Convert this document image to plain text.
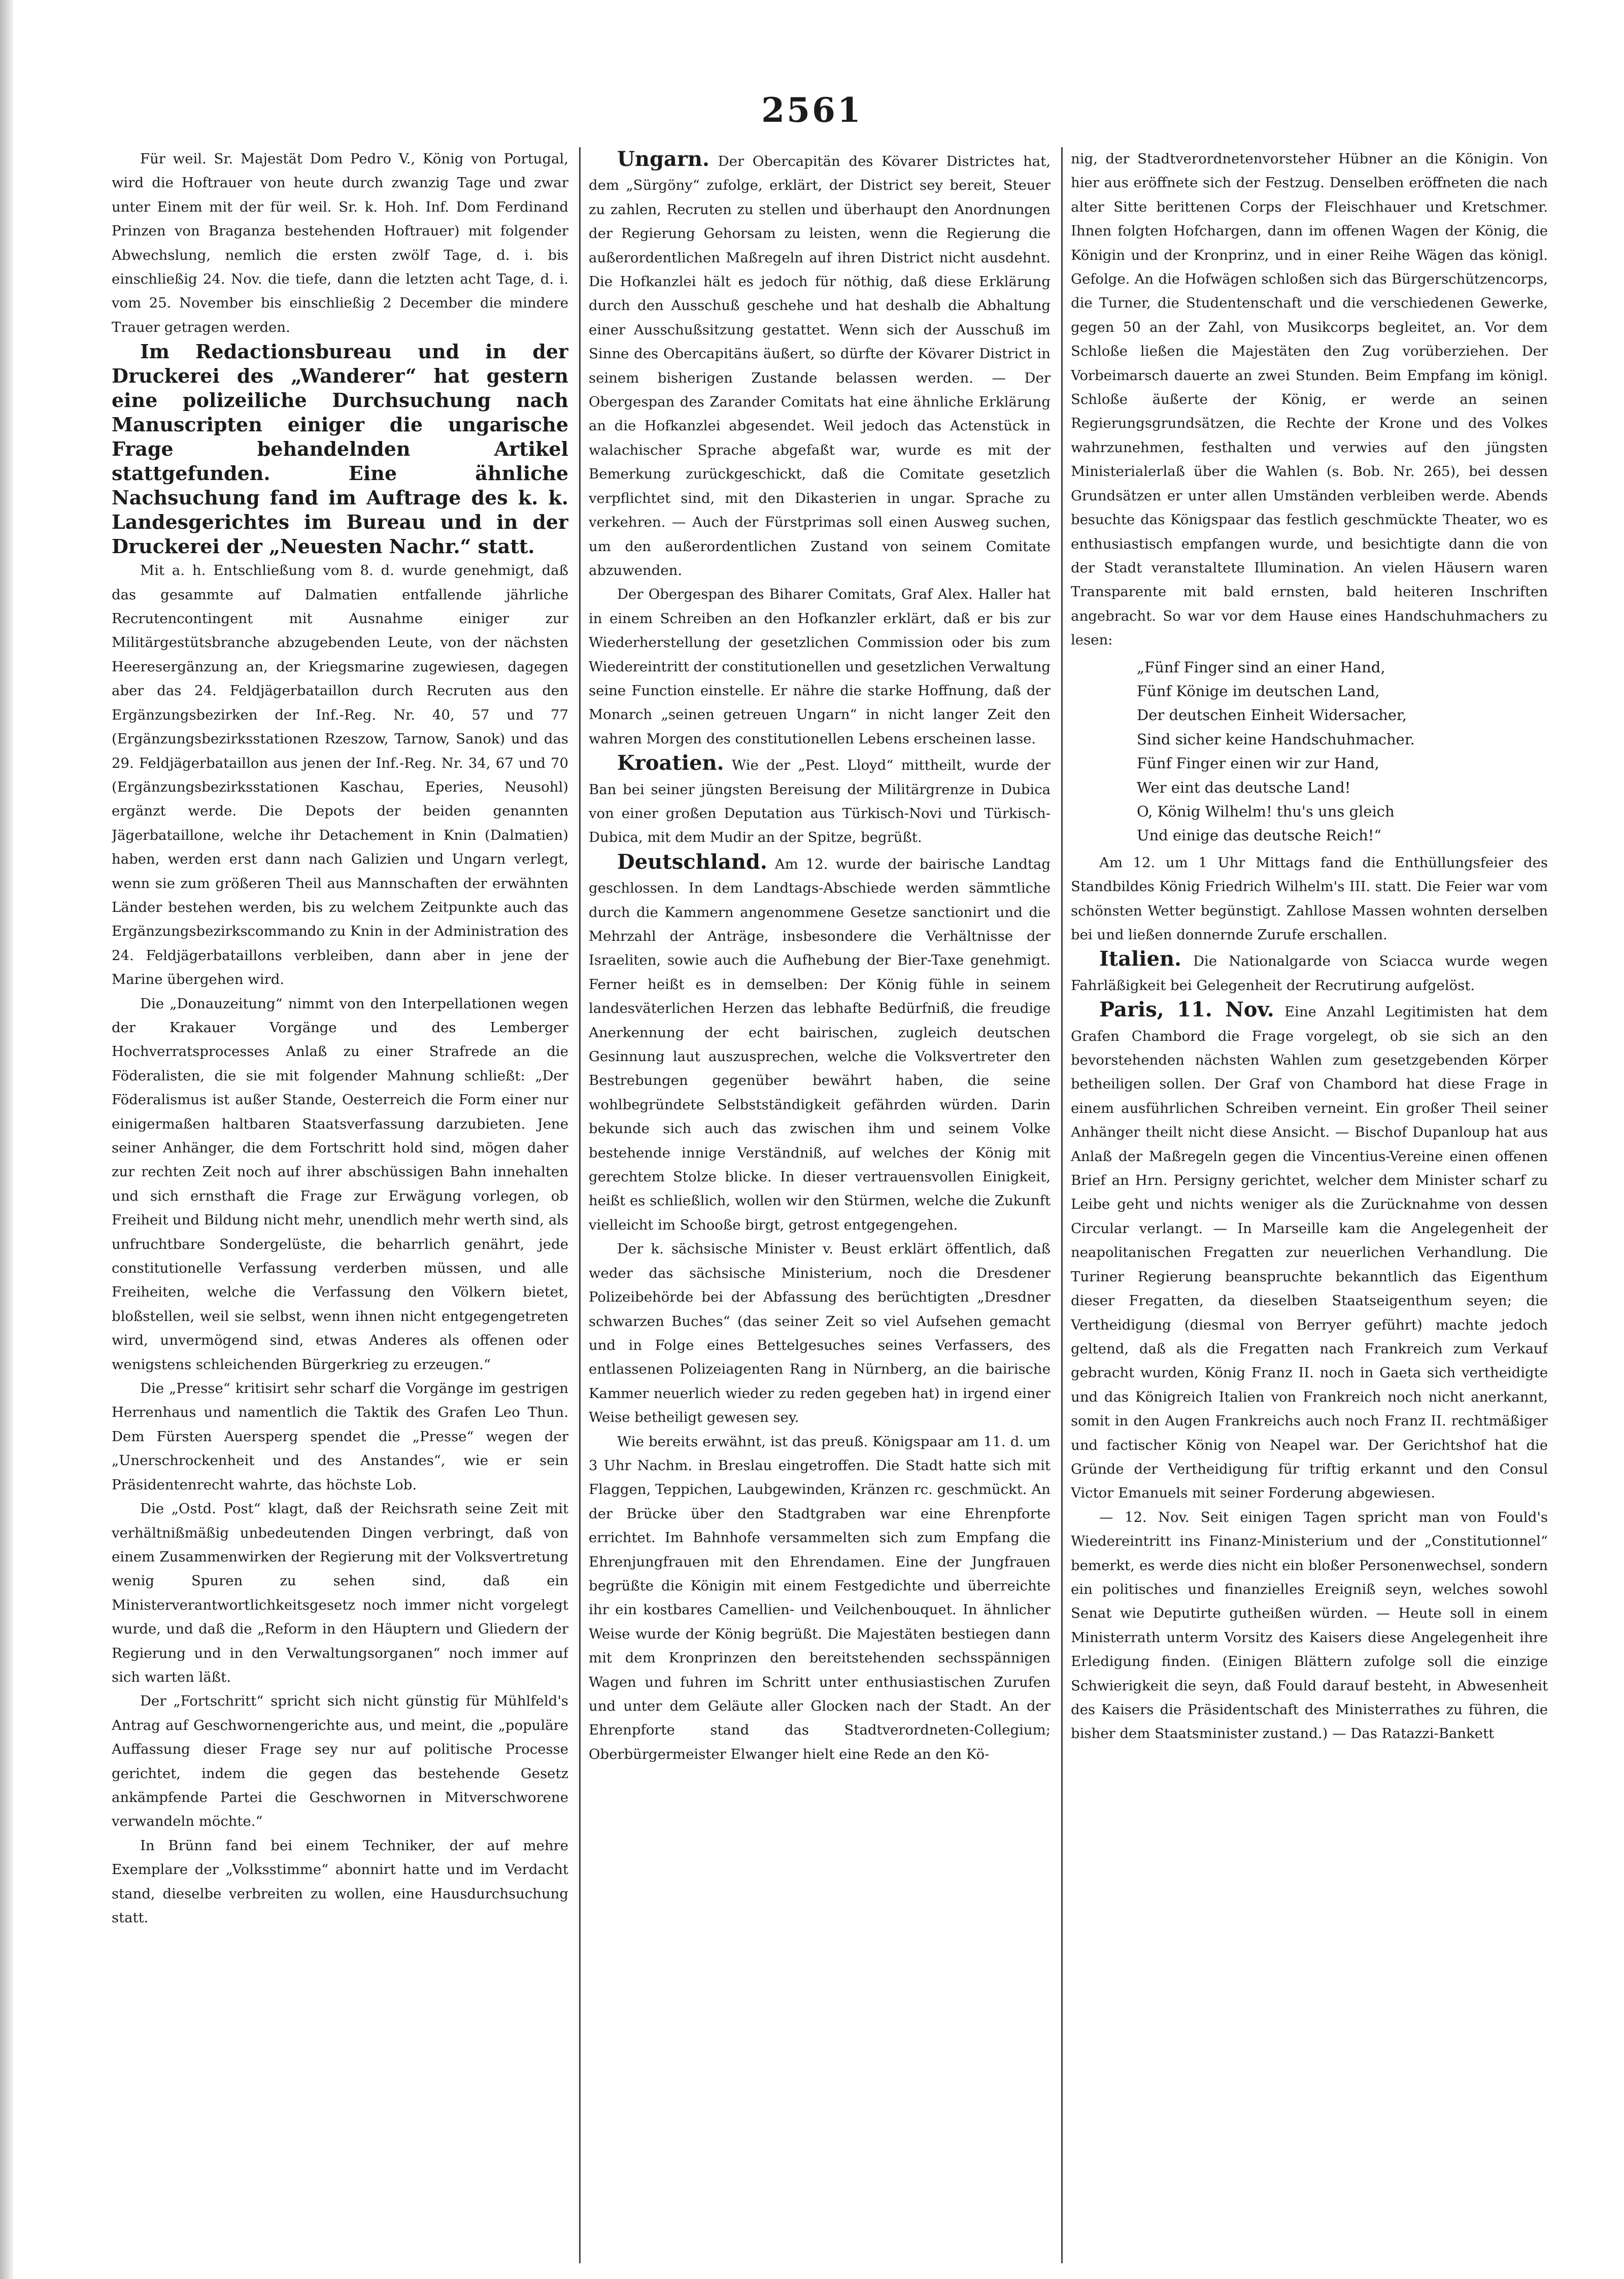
2561

Für weil. Sr. Majestät Dom Pedro V., König von Portugal, wird die Hoftrauer von heute durch zwanzig Tage und zwar unter Einem mit der für weil. Sr. k. Hoh. Inf. Dom Ferdinand Prinzen von Braganza bestehenden Hoftrauer) mit folgender Abwechslung, nemlich die ersten zwölf Tage, d. i. bis einschließig 24. Nov. die tiefe, dann die letzten acht Tage, d. i. vom 25. November bis einschließig 2 December die mindere Trauer getragen werden.

Im Redactionsbureau und in der Druckerei des „Wanderer“ hat gestern eine polizeiliche Durchsuchung nach Manuscripten einiger die ungarische Frage behandelnden Artikel stattgefunden. Eine ähnliche Nachsuchung fand im Auftrage des k. k. Landesgerichtes im Bureau und in der Druckerei der „Neuesten Nachr.“ statt.

Mit a. h. Entschließung vom 8. d. wurde genehmigt, daß das gesammte auf Dalmatien entfallende jährliche Recrutencontingent mit Ausnahme einiger zur Militärgestütsbranche abzugebenden Leute, von der nächsten Heeresergänzung an, der Kriegsmarine zugewiesen, dagegen aber das 24. Feldjägerbataillon durch Recruten aus den Ergänzungsbezirken der Inf.-Reg. Nr. 40, 57 und 77 (Ergänzungsbezirksstationen Rzeszow, Tarnow, Sanok) und das 29. Feldjägerbataillon aus jenen der Inf.-Reg. Nr. 34, 67 und 70 (Ergänzungsbezirksstationen Kaschau, Eperies, Neusohl) ergänzt werde. Die Depots der beiden genannten Jägerbataillone, welche ihr Detachement in Knin (Dalmatien) haben, werden erst dann nach Galizien und Ungarn verlegt, wenn sie zum größeren Theil aus Mannschaften der erwähnten Länder bestehen werden, bis zu welchem Zeitpunkte auch das Ergänzungsbezirkscommando zu Knin in der Administration des 24. Feldjägerbataillons verbleiben, dann aber in jene der Marine übergehen wird.

Die „Donauzeitung“ nimmt von den Interpellationen wegen der Krakauer Vorgänge und des Lemberger Hochverratsprocesses Anlaß zu einer Strafrede an die Föderalisten, die sie mit folgender Mahnung schließt: „Der Föderalismus ist außer Stande, Oesterreich die Form einer nur einigermaßen haltbaren Staatsverfassung darzubieten. Jene seiner Anhänger, die dem Fortschritt hold sind, mögen daher zur rechten Zeit noch auf ihrer abschüssigen Bahn innehalten und sich ernsthaft die Frage zur Erwägung vorlegen, ob Freiheit und Bildung nicht mehr, unendlich mehr werth sind, als unfruchtbare Sondergelüste, die beharrlich genährt, jede constitutionelle Verfassung verderben müssen, und alle Freiheiten, welche die Verfassung den Völkern bietet, bloßstellen, weil sie selbst, wenn ihnen nicht entgegengetreten wird, unvermögend sind, etwas Anderes als offenen oder wenigstens schleichenden Bürgerkrieg zu erzeugen.“

Die „Presse“ kritisirt sehr scharf die Vorgänge im gestrigen Herrenhaus und namentlich die Taktik des Grafen Leo Thun. Dem Fürsten Auersperg spendet die „Presse“ wegen der „Unerschrockenheit und des Anstandes“, wie er sein Präsidentenrecht wahrte, das höchste Lob.

Die „Ostd. Post“ klagt, daß der Reichsrath seine Zeit mit verhältnißmäßig unbedeutenden Dingen verbringt, daß von einem Zusammenwirken der Regierung mit der Volksvertretung wenig Spuren zu sehen sind, daß ein Ministerverantwortlichkeitsgesetz noch immer nicht vorgelegt wurde, und daß die „Reform in den Häuptern und Gliedern der Regierung und in den Verwaltungsorganen“ noch immer auf sich warten läßt.

Der „Fortschritt“ spricht sich nicht günstig für Mühlfeld's Antrag auf Geschwornengerichte aus, und meint, die „populäre Auffassung dieser Frage sey nur auf politische Processe gerichtet, indem die gegen das bestehende Gesetz ankämpfende Partei die Geschwornen in Mitverschworene verwandeln möchte.“

In Brünn fand bei einem Techniker, der auf mehre Exemplare der „Volksstimme“ abonnirt hatte und im Verdacht stand, dieselbe verbreiten zu wollen, eine Hausdurchsuchung statt.

Ungarn. Der Obercapitän des Kövarer Districtes hat, dem „Sürgöny“ zufolge, erklärt, der District sey bereit, Steuer zu zahlen, Recruten zu stellen und überhaupt den Anordnungen der Regierung Gehorsam zu leisten, wenn die Regierung die außerordentlichen Maßregeln auf ihren District nicht ausdehnt. Die Hofkanzlei hält es jedoch für nöthig, daß diese Erklärung durch den Ausschuß geschehe und hat deshalb die Abhaltung einer Ausschußsitzung gestattet. Wenn sich der Ausschuß im Sinne des Obercapitäns äußert, so dürfte der Kövarer District in seinem bisherigen Zustande belassen werden. — Der Obergespan des Zarander Comitats hat eine ähnliche Erklärung an die Hofkanzlei abgesendet. Weil jedoch das Actenstück in walachischer Sprache abgefaßt war, wurde es mit der Bemerkung zurückgeschickt, daß die Comitate gesetzlich verpflichtet sind, mit den Dikasterien in ungar. Sprache zu verkehren. — Auch der Fürstprimas soll einen Ausweg suchen, um den außerordentlichen Zustand von seinem Comitate abzuwenden.

Der Obergespan des Biharer Comitats, Graf Alex. Haller hat in einem Schreiben an den Hofkanzler erklärt, daß er bis zur Wiederherstellung der gesetzlichen Commission oder bis zum Wiedereintritt der constitutionellen und gesetzlichen Verwaltung seine Function einstelle. Er nähre die starke Hoffnung, daß der Monarch „seinen getreuen Ungarn“ in nicht langer Zeit den wahren Morgen des constitutionellen Lebens erscheinen lasse.

Kroatien. Wie der „Pest. Lloyd“ mittheilt, wurde der Ban bei seiner jüngsten Bereisung der Militärgrenze in Dubica von einer großen Deputation aus Türkisch-Novi und Türkisch-Dubica, mit dem Mudir an der Spitze, begrüßt.

Deutschland. Am 12. wurde der bairische Landtag geschlossen. In dem Landtags-Abschiede werden sämmtliche durch die Kammern angenommene Gesetze sanctionirt und die Mehrzahl der Anträge, insbesondere die Verhältnisse der Israeliten, sowie auch die Aufhebung der Bier-Taxe genehmigt. Ferner heißt es in demselben: Der König fühle in seinem landesväterlichen Herzen das lebhafte Bedürfniß, die freudige Anerkennung der echt bairischen, zugleich deutschen Gesinnung laut auszusprechen, welche die Volksvertreter den Bestrebungen gegenüber bewährt haben, die seine wohlbegründete Selbstständigkeit gefährden würden. Darin bekunde sich auch das zwischen ihm und seinem Volke bestehende innige Verständniß, auf welches der König mit gerechtem Stolze blicke. In dieser vertrauensvollen Einigkeit, heißt es schließlich, wollen wir den Stürmen, welche die Zukunft vielleicht im Schooße birgt, getrost entgegengehen.

Der k. sächsische Minister v. Beust erklärt öffentlich, daß weder das sächsische Ministerium, noch die Dresdener Polizeibehörde bei der Abfassung des berüchtigten „Dresdner schwarzen Buches“ (das seiner Zeit so viel Aufsehen gemacht und in Folge eines Bettelgesuches seines Verfassers, des entlassenen Polizeiagenten Rang in Nürnberg, an die bairische Kammer neuerlich wieder zu reden gegeben hat) in irgend einer Weise betheiligt gewesen sey.

Wie bereits erwähnt, ist das preuß. Königspaar am 11. d. um 3 Uhr Nachm. in Breslau eingetroffen. Die Stadt hatte sich mit Flaggen, Teppichen, Laubgewinden, Kränzen rc. geschmückt. An der Brücke über den Stadtgraben war eine Ehrenpforte errichtet. Im Bahnhofe versammelten sich zum Empfang die Ehrenjungfrauen mit den Ehrendamen. Eine der Jungfrauen begrüßte die Königin mit einem Festgedichte und überreichte ihr ein kostbares Camellien- und Veilchenbouquet. In ähnlicher Weise wurde der König begrüßt. Die Majestäten bestiegen dann mit dem Kronprinzen den bereitstehenden sechsspännigen Wagen und fuhren im Schritt unter enthusiastischen Zurufen und unter dem Geläute aller Glocken nach der Stadt. An der Ehrenpforte stand das Stadtverordneten-Collegium; Oberbürgermeister Elwanger hielt eine Rede an den Kö-

nig, der Stadtverordnetenvorsteher Hübner an die Königin. Von hier aus eröffnete sich der Festzug. Denselben eröffneten die nach alter Sitte berittenen Corps der Fleischhauer und Kretschmer. Ihnen folgten Hofchargen, dann im offenen Wagen der König, die Königin und der Kronprinz, und in einer Reihe Wägen das königl. Gefolge. An die Hofwägen schloßen sich das Bürgerschützencorps, die Turner, die Studentenschaft und die verschiedenen Gewerke, gegen 50 an der Zahl, von Musikcorps begleitet, an. Vor dem Schloße ließen die Majestäten den Zug vorüberziehen. Der Vorbeimarsch dauerte an zwei Stunden. Beim Empfang im königl. Schloße äußerte der König, er werde an seinen Regierungsgrundsätzen, die Rechte der Krone und des Volkes wahrzunehmen, festhalten und verwies auf den jüngsten Ministerialerlaß über die Wahlen (s. Bob. Nr. 265), bei dessen Grundsätzen er unter allen Umständen verbleiben werde. Abends besuchte das Königspaar das festlich geschmückte Theater, wo es enthusiastisch empfangen wurde, und besichtigte dann die von der Stadt veranstaltete Illumination. An vielen Häusern waren Transparente mit bald ernsten, bald heiteren Inschriften angebracht. So war vor dem Hause eines Handschuhmachers zu lesen:

„Fünf Finger sind an einer Hand,
Fünf Könige im deutschen Land,
Der deutschen Einheit Widersacher,
Sind sicher keine Handschuhmacher.
Fünf Finger einen wir zur Hand,
Wer eint das deutsche Land!
O, König Wilhelm! thu's uns gleich
Und einige das deutsche Reich!“

Am 12. um 1 Uhr Mittags fand die Enthüllungsfeier des Standbildes König Friedrich Wilhelm's III. statt. Die Feier war vom schönsten Wetter begünstigt. Zahllose Massen wohnten derselben bei und ließen donnernde Zurufe erschallen.

Italien. Die Nationalgarde von Sciacca wurde wegen Fahrläßigkeit bei Gelegenheit der Recrutirung aufgelöst.

Paris, 11. Nov. Eine Anzahl Legitimisten hat dem Grafen Chambord die Frage vorgelegt, ob sie sich an den bevorstehenden nächsten Wahlen zum gesetzgebenden Körper betheiligen sollen. Der Graf von Chambord hat diese Frage in einem ausführlichen Schreiben verneint. Ein großer Theil seiner Anhänger theilt nicht diese Ansicht. — Bischof Dupanloup hat aus Anlaß der Maßregeln gegen die Vincentius-Vereine einen offenen Brief an Hrn. Persigny gerichtet, welcher dem Minister scharf zu Leibe geht und nichts weniger als die Zurücknahme von dessen Circular verlangt. — In Marseille kam die Angelegenheit der neapolitanischen Fregatten zur neuerlichen Verhandlung. Die Turiner Regierung beanspruchte bekanntlich das Eigenthum dieser Fregatten, da dieselben Staatseigenthum seyen; die Vertheidigung (diesmal von Berryer geführt) machte jedoch geltend, daß als die Fregatten nach Frankreich zum Verkauf gebracht wurden, König Franz II. noch in Gaeta sich vertheidigte und das Königreich Italien von Frankreich noch nicht anerkannt, somit in den Augen Frankreichs auch noch Franz II. rechtmäßiger und factischer König von Neapel war. Der Gerichtshof hat die Gründe der Vertheidigung für triftig erkannt und den Consul Victor Emanuels mit seiner Forderung abgewiesen.

— 12. Nov. Seit einigen Tagen spricht man von Fould's Wiedereintritt ins Finanz-Ministerium und der „Constitutionnel“ bemerkt, es werde dies nicht ein bloßer Personenwechsel, sondern ein politisches und finanzielles Ereigniß seyn, welches sowohl Senat wie Deputirte gutheißen würden. — Heute soll in einem Ministerrath unterm Vorsitz des Kaisers diese Angelegenheit ihre Erledigung finden. (Einigen Blättern zufolge soll die einzige Schwierigkeit die seyn, daß Fould darauf besteht, in Abwesenheit des Kaisers die Präsidentschaft des Ministerrathes zu führen, die bisher dem Staatsminister zustand.) — Das Ratazzi-Bankett
